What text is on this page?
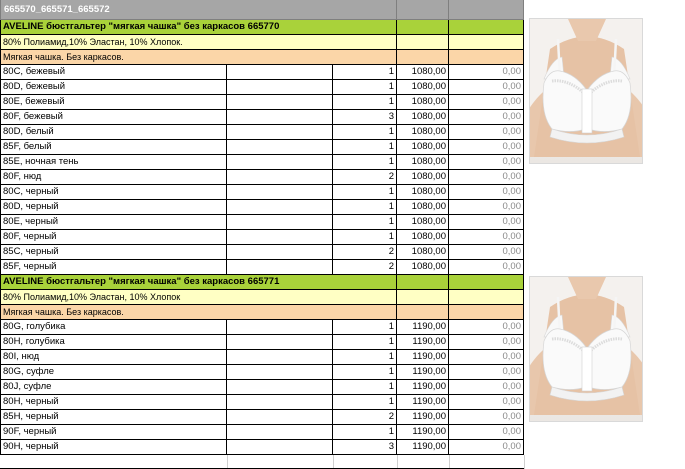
665570_665571_665572
AVELINE бюстгальтер "мягкая чашка" без каркасов 665770
80% Полиамид,10% Эластан, 10% Хлопок.
Мягкая чашка. Без каркасов.
80C, бежевый	1	1080,00	0,00
80D, бежевый	1	1080,00	0,00
80E, бежевый	1	1080,00	0,00
80F, бежевый	3	1080,00	0,00
80D, белый	1	1080,00	0,00
85F, белый	1	1080,00	0,00
85E, ночная тень	1	1080,00	0,00
80F, нюд	2	1080,00	0,00
80C, черный	1	1080,00	0,00
80D, черный	1	1080,00	0,00
80E, черный	1	1080,00	0,00
80F, черный	1	1080,00	0,00
85C, черный	2	1080,00	0,00
85F, черный	2	1080,00	0,00
AVELINE бюстгальтер "мягкая чашка" без каркасов 665771
80% Полиамид,10% Эластан, 10% Хлопок
Мягкая чашка. Без каркасов.
80G, голубика	1	1190,00	0,00
80H, голубика	1	1190,00	0,00
80I, нюд	1	1190,00	0,00
80G, суфле	1	1190,00	0,00
80J, суфле	1	1190,00	0,00
80H, черный	1	1190,00	0,00
85H, черный	2	1190,00	0,00
90F, черный	1	1190,00	0,00
90H, черный	3	1190,00	0,00
